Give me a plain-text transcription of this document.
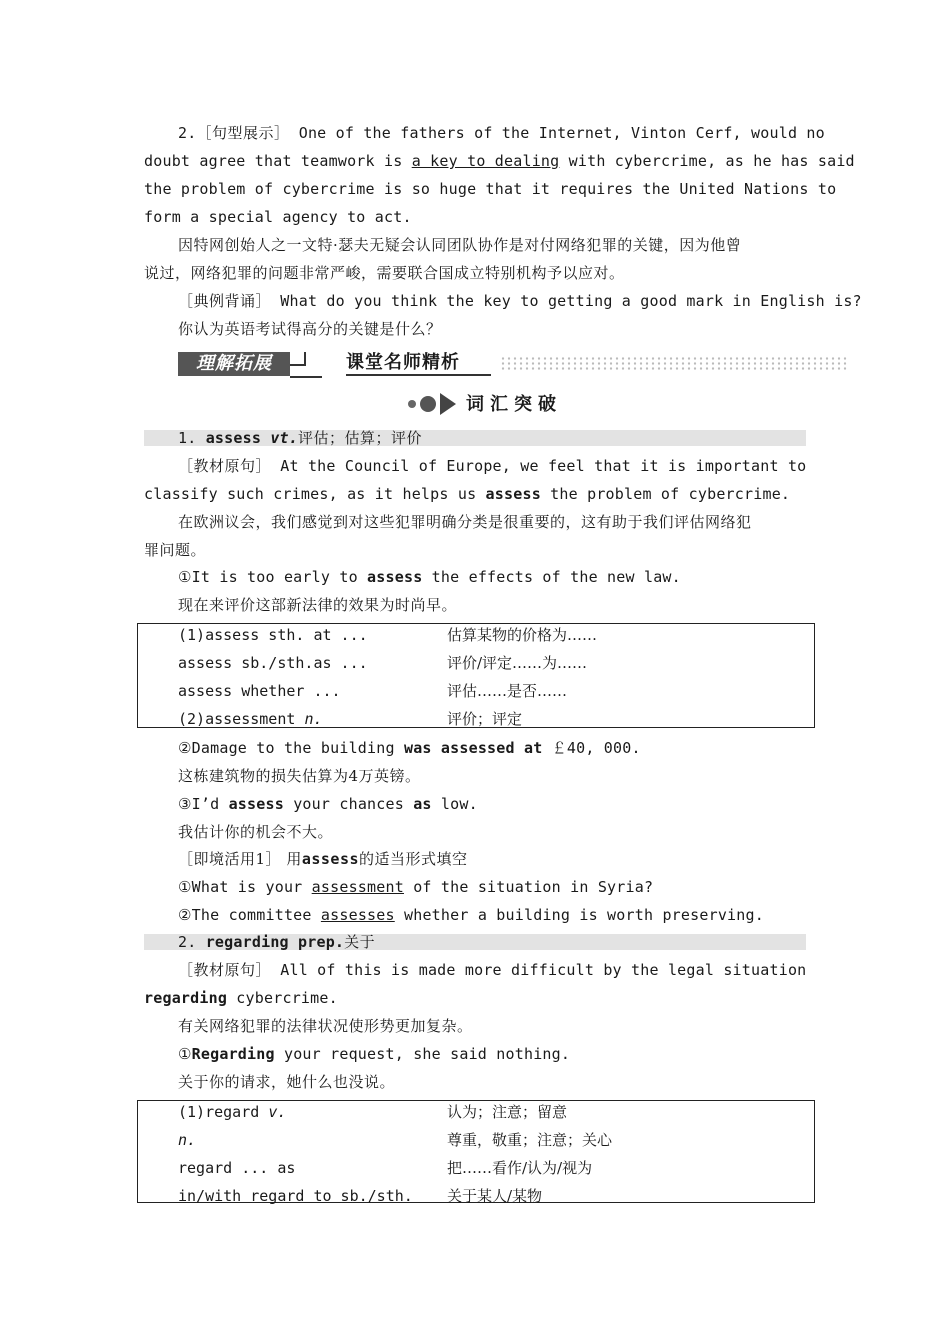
2.［句型展示］ One of the fathers of the Internet, Vinton Cerf, would no
doubt agree that teamwork is a key to dealing with cybercrime, as he has said
the problem of cybercrime is so huge that it requires the United Nations to
form a special agency to act.
因特网创始人之一文特·瑟夫无疑会认同团队协作是对付网络犯罪的关键，因为他曾
说过，网络犯罪的问题非常严峻，需要联合国成立特别机构予以应对。
［典例背诵］ What do you think the key to getting a good mark in English is?
你认为英语考试得高分的关键是什么？
理解拓展	课堂名师精析
词汇突破
1. assess vt.评估；估算；评价
［教材原句］ At the Council of Europe, we feel that it is important to
classify such crimes, as it helps us assess the problem of cybercrime.
在欧洲议会，我们感觉到对这些犯罪明确分类是很重要的，这有助于我们评估网络犯
罪问题。
①It is too early to assess the effects of the new law.
现在来评价这部新法律的效果为时尚早。
(1)assess sth. at ...	估算某物的价格为……
assess sb./sth.as ...	评价/评定……为……
assess whether ...	评估……是否……
(2)assessment n.	评价；评定
②Damage to the building was assessed at ￡40, 000.
这栋建筑物的损失估算为4万英镑。
③I’d assess your chances as low.
我估计你的机会不大。
［即境活用1］ 用assess的适当形式填空
①What is your assessment of the situation in Syria?
②The committee assesses whether a building is worth preserving.
2. regarding prep.关于
［教材原句］ All of this is made more difficult by the legal situation
regarding cybercrime.
有关网络犯罪的法律状况使形势更加复杂。
①Regarding your request, she said nothing.
关于你的请求，她什么也没说。
(1)regard v.	认为；注意；留意
n.	尊重，敬重；注意；关心
regard ... as	把……看作/认为/视为
in/with regard to sb./sth. 关于某人/某物
